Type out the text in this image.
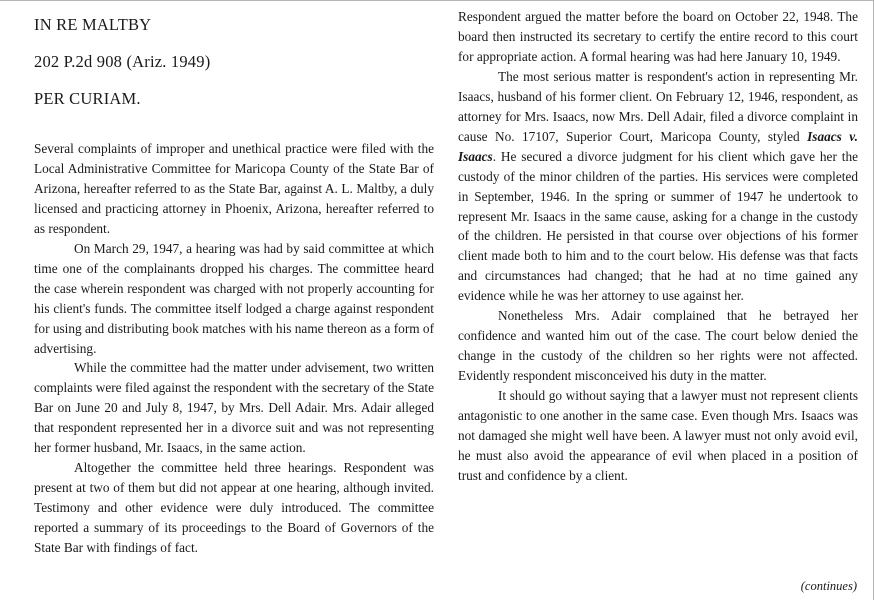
IN RE MALTBY
202 P.2d 908 (Ariz. 1949)
PER CURIAM.

Several complaints of improper and unethical practice were filed with the Local Administrative Committee for Maricopa County of the State Bar of Arizona, hereafter referred to as the State Bar, against A. L. Maltby, a duly licensed and practicing attorney in Phoenix, Arizona, hereafter referred to as respondent.

On March 29, 1947, a hearing was had by said committee at which time one of the complainants dropped his charges. The committee heard the case wherein respondent was charged with not properly accounting for his client's funds. The committee itself lodged a charge against respondent for using and distributing book matches with his name thereon as a form of advertising.

While the committee had the matter under advisement, two written complaints were filed against the respondent with the secretary of the State Bar on June 20 and July 8, 1947, by Mrs. Dell Adair. Mrs. Adair alleged that respondent represented her in a divorce suit and was not representing her former husband, Mr. Isaacs, in the same action.

Altogether the committee held three hearings. Respondent was present at two of them but did not appear at one hearing, although invited. Testimony and other evidence were duly introduced. The committee reported a summary of its proceedings to the Board of Governors of the State Bar with findings of fact.

Respondent argued the matter before the board on October 22, 1948. The board then instructed its secretary to certify the entire record to this court for appropriate action. A formal hearing was had here January 10, 1949.

The most serious matter is respondent's action in representing Mr. Isaacs, husband of his former client. On February 12, 1946, respondent, as attorney for Mrs. Isaacs, now Mrs. Dell Adair, filed a divorce complaint in cause No. 17107, Superior Court, Maricopa County, styled Isaacs v. Isaacs. He secured a divorce judgment for his client which gave her the custody of the minor children of the parties. His services were completed in September, 1946. In the spring or summer of 1947 he undertook to represent Mr. Isaacs in the same cause, asking for a change in the custody of the children. He persisted in that course over objections of his former client made both to him and to the court below. His defense was that facts and circumstances had changed; that he had at no time gained any evidence while he was her attorney to use against her.

Nonetheless Mrs. Adair complained that he betrayed her confidence and wanted him out of the case. The court below denied the change in the custody of the children so her rights were not affected. Evidently respondent misconceived his duty in the matter.

It should go without saying that a lawyer must not represent clients antagonistic to one another in the same case. Even though Mrs. Isaacs was not damaged she might well have been. A lawyer must not only avoid evil, he must also avoid the appearance of evil when placed in a position of trust and confidence by a client.

(continues)
